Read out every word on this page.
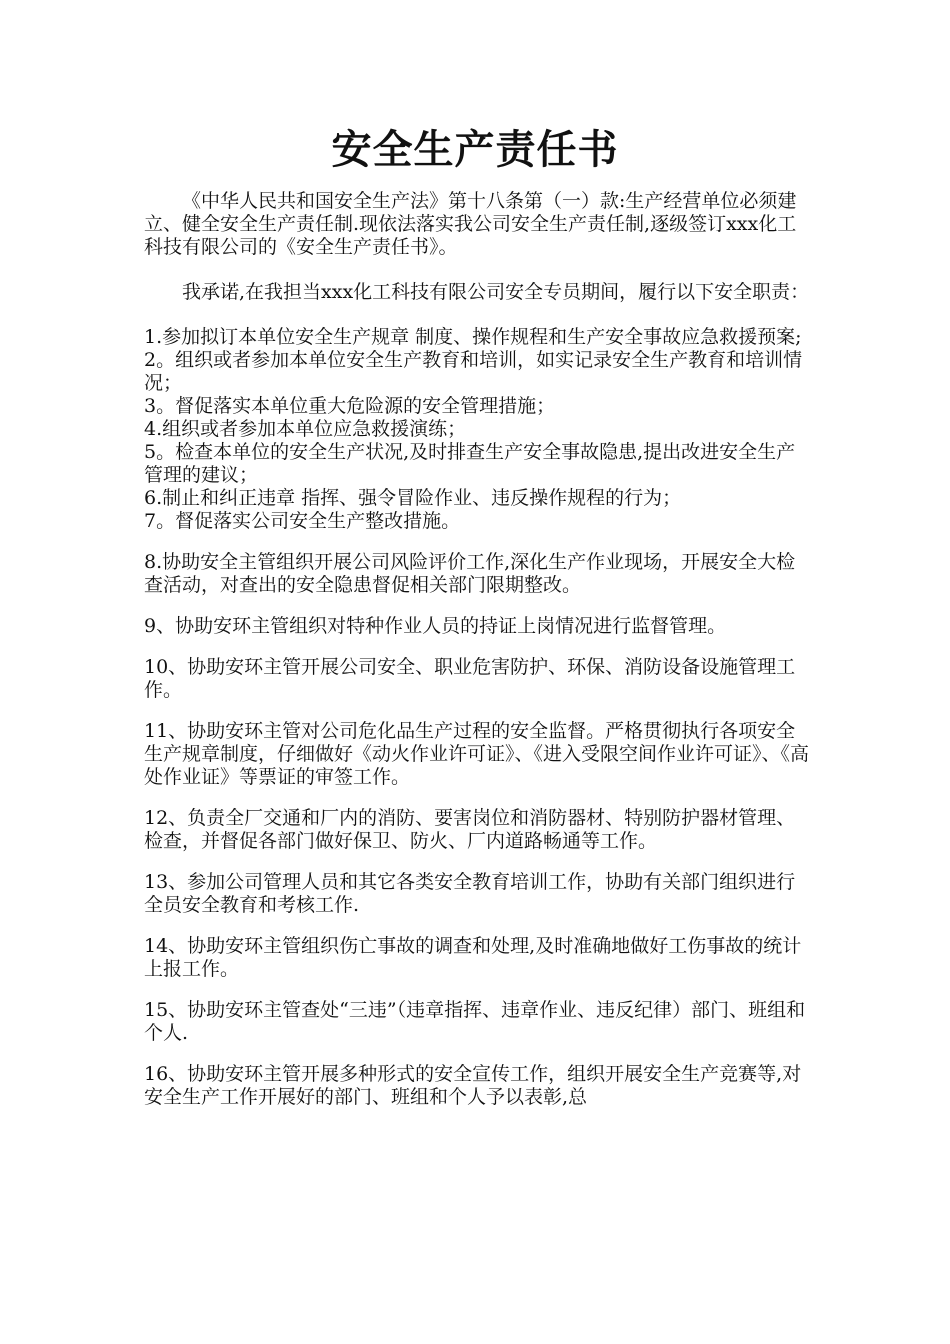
安全生产责任书

《中华人民共和国安全生产法》第十八条第（一）款:生产经营单位必须建立、健全安全生产责任制.现依法落实我公司安全生产责任制,逐级签订xxx化工科技有限公司的《安全生产责任书》。

我承诺,在我担当xxx化工科技有限公司安全专员期间，履行以下安全职责：

1.参加拟订本单位安全生产规章 制度、操作规程和生产安全事故应急救援预案;

2。组织或者参加本单位安全生产教育和培训，如实记录安全生产教育和培训情况；

3。督促落实本单位重大危险源的安全管理措施；

4.组织或者参加本单位应急救援演练；

5。检查本单位的安全生产状况,及时排查生产安全事故隐患,提出改进安全生产管理的建议；

6.制止和纠正违章 指挥、强令冒险作业、违反操作规程的行为；

7。督促落实公司安全生产整改措施。

8.协助安全主管组织开展公司风险评价工作,深化生产作业现场，开展安全大检查活动，对查出的安全隐患督促相关部门限期整改。

9、协助安环主管组织对特种作业人员的持证上岗情况进行监督管理。

10、协助安环主管开展公司安全、职业危害防护、环保、消防设备设施管理工作。

11、协助安环主管对公司危化品生产过程的安全监督。严格贯彻执行各项安全生产规章制度，仔细做好《动火作业许可证》、《进入受限空间作业许可证》、《高处作业证》等票证的审签工作。

12、负责全厂交通和厂内的消防、要害岗位和消防器材、特别防护器材管理、检查，并督促各部门做好保卫、防火、厂内道路畅通等工作。

13、参加公司管理人员和其它各类安全教育培训工作，协助有关部门组织进行全员安全教育和考核工作.

14、协助安环主管组织伤亡事故的调查和处理,及时准确地做好工伤事故的统计上报工作。

15、协助安环主管查处“三违”（违章指挥、违章作业、违反纪律）部门、班组和个人.

16、协助安环主管开展多种形式的安全宣传工作，组织开展安全生产竞赛等,对安全生产工作开展好的部门、班组和个人予以表彰,总
